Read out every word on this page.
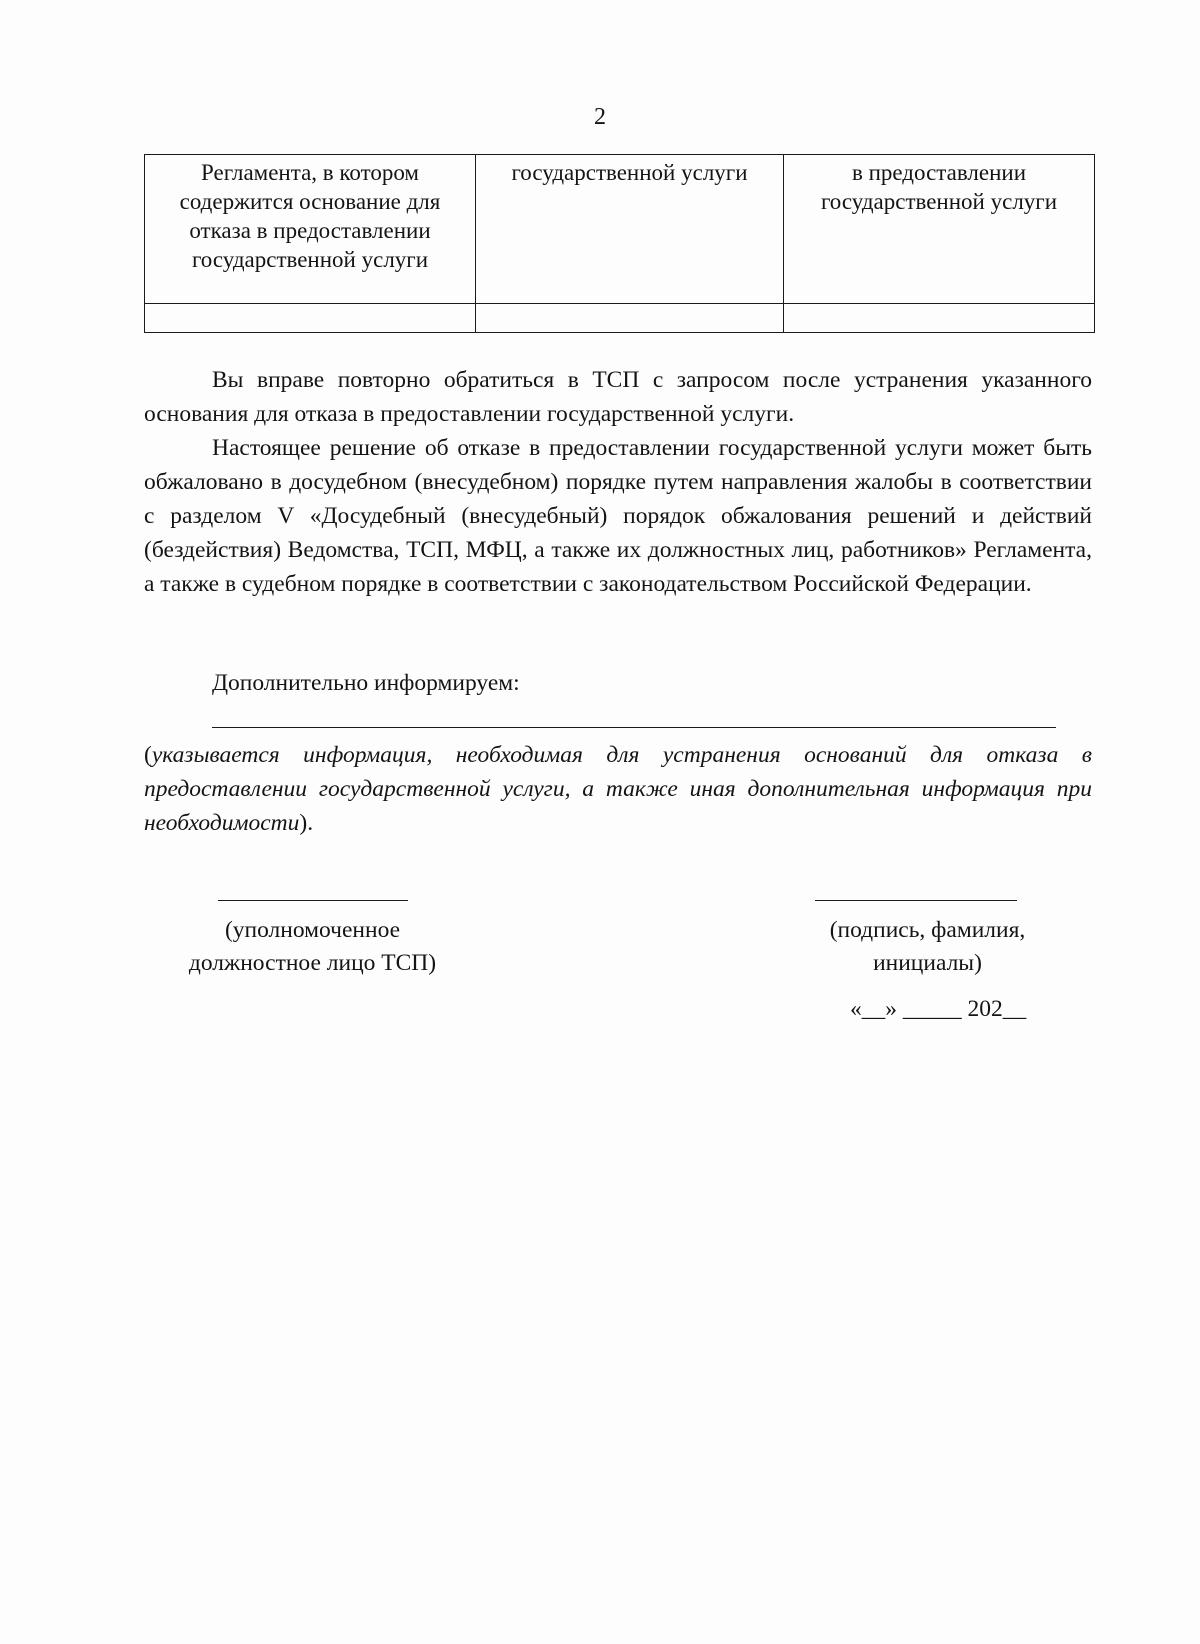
2
Регламента, в котором содержится основание для отказа в предоставлении государственной услуги	государственной услуги	в предоставлении государственной услуги

Вы вправе повторно обратиться в ТСП с запросом после устранения указанного основания для отказа в предоставлении государственной услуги.

Настоящее решение об отказе в предоставлении государственной услуги может быть обжаловано в досудебном (внесудебном) порядке путем направления жалобы в соответствии с разделом V «Досудебный (внесудебный) порядок обжалования решений и действий (бездействия) Ведомства, ТСП, МФЦ, а также их должностных лиц, работников» Регламента, а также в судебном порядке в соответствии с законодательством Российской Федерации.

Дополнительно информируем:
(указывается информация, необходимая для устранения оснований для отказа в предоставлении государственной услуги, а также иная дополнительная информация при необходимости).
(уполномоченное
должностное лицо ТСП)
(подпись, фамилия,
инициалы)
«__» _____ 202__
